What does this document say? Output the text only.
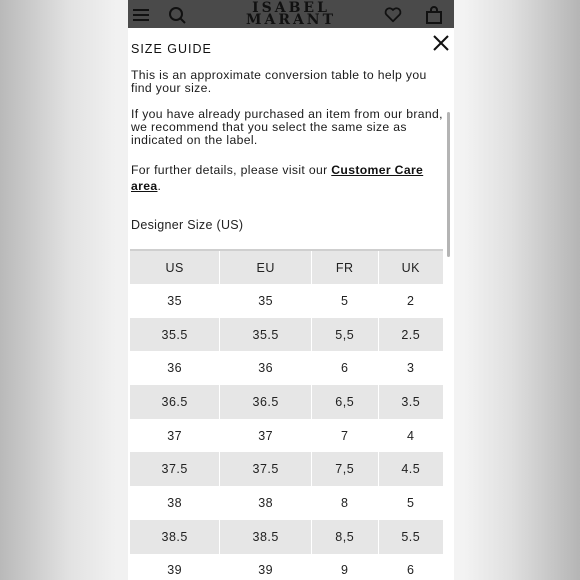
ISABEL
MARANT
SIZE GUIDE

This is an approximate conversion table to help you find your size.

If you have already purchased an item from our brand, we recommend that you select the same size as indicated on the label.

For further details, please visit our Customer Care area.

Designer Size (US)
US	EU	FR	UK
35	35	5	2
35.5	35.5	5,5	2.5
36	36	6	3
36.5	36.5	6,5	3.5
37	37	7	4
37.5	37.5	7,5	4.5
38	38	8	5
38.5	38.5	8,5	5.5
39	39	9	6
